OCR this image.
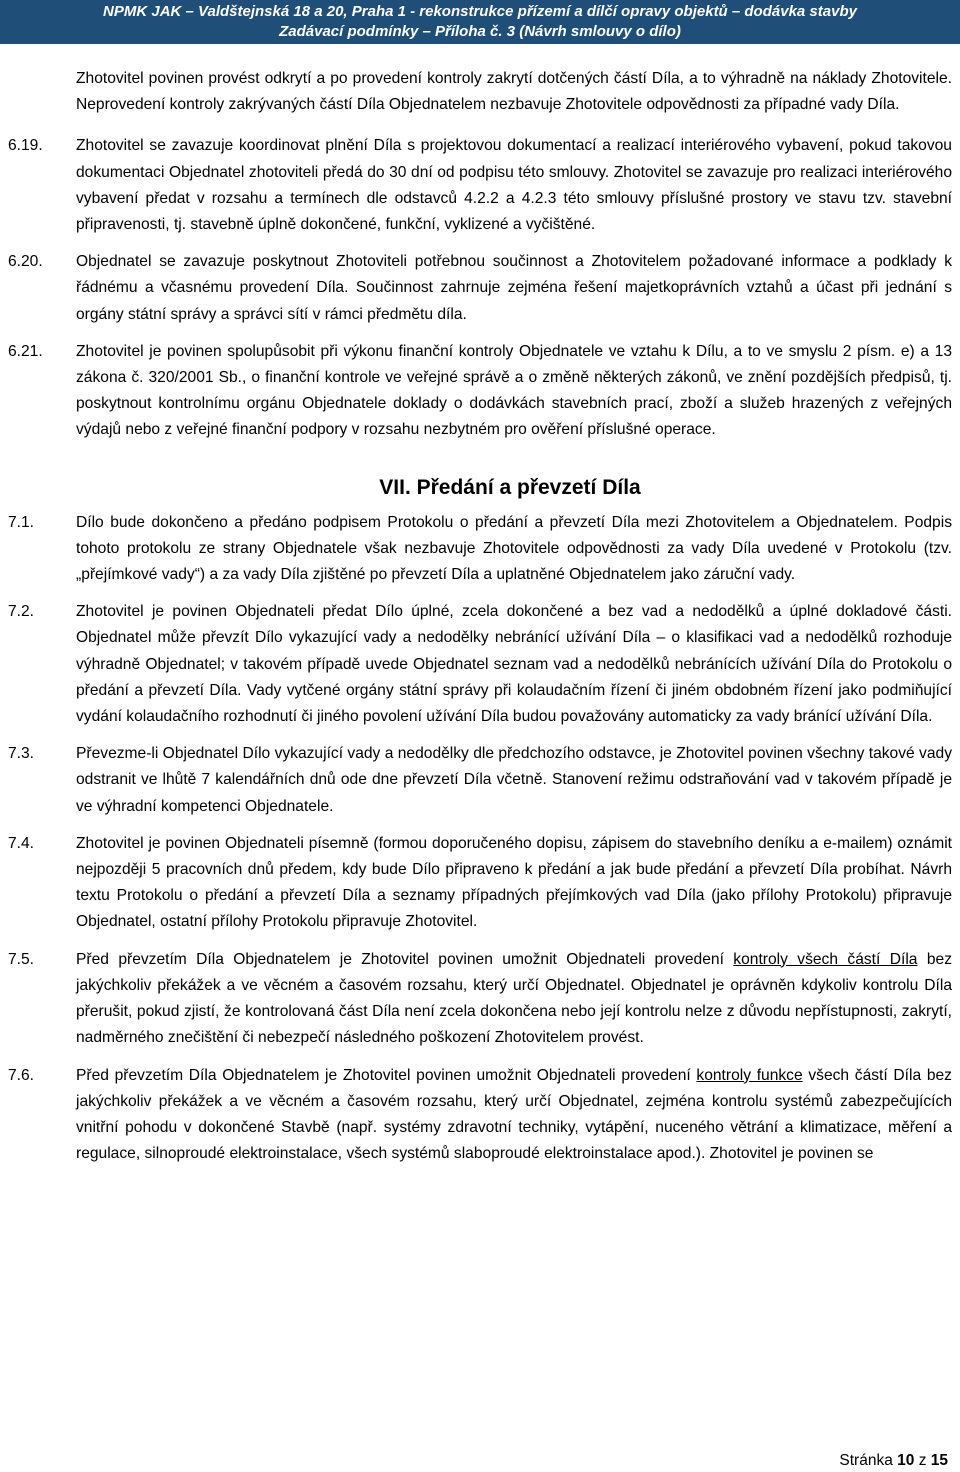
NPMK JAK – Valdštejnská 18 a 20, Praha 1 - rekonstrukce přízemí a dílčí opravy objektů – dodávka stavby
Zadávací podmínky – Příloha č. 3 (Návrh smlouvy o dílo)

Zhotovitel povinen provést odkrytí a po provedení kontroly zakrytí dotčených částí Díla, a to výhradně na náklady Zhotovitele. Neprovedení kontroly zakrývaných částí Díla Objednatelem nezbavuje Zhotovitele odpovědnosti za případné vady Díla.

6.19. Zhotovitel se zavazuje koordinovat plnění Díla s projektovou dokumentací a realizací interiérového vybavení, pokud takovou dokumentaci Objednatel zhotoviteli předá do 30 dní od podpisu této smlouvy. Zhotovitel se zavazuje pro realizaci interiérového vybavení předat v rozsahu a termínech dle odstavců 4.2.2 a 4.2.3 této smlouvy příslušné prostory ve stavu tzv. stavební připravenosti, tj. stavebně úplně dokončené, funkční, vyklizené a vyčištěné.
6.20. Objednatel se zavazuje poskytnout Zhotoviteli potřebnou součinnost a Zhotovitelem požadované informace a podklady k řádnému a včasnému provedení Díla. Součinnost zahrnuje zejména řešení majetkoprávních vztahů a účast při jednání s orgány státní správy a správci sítí v rámci předmětu díla.
6.21. Zhotovitel je povinen spolupůsobit při výkonu finanční kontroly Objednatele ve vztahu k Dílu, a to ve smyslu 2 písm. e) a 13 zákona č. 320/2001 Sb., o finanční kontrole ve veřejné správě a o změně některých zákonů, ve znění pozdějších předpisů, tj. poskytnout kontrolnímu orgánu Objednatele doklady o dodávkách stavebních prací, zboží a služeb hrazených z veřejných výdajů nebo z veřejné finanční podpory v rozsahu nezbytném pro ověření příslušné operace.
VII. Předání a převzetí Díla
7.1.	Dílo bude dokončeno a předáno podpisem Protokolu o předání a převzetí Díla mezi Zhotovitelem a Objednatelem. Podpis tohoto protokolu ze strany Objednatele však nezbavuje Zhotovitele odpovědnosti za vady Díla uvedené v Protokolu (tzv. „přejímkové vady“) a za vady Díla zjištěné po převzetí Díla a uplatněné Objednatelem jako záruční vady.
7.2.	Zhotovitel je povinen Objednateli předat Dílo úplné, zcela dokončené a bez vad a nedodělků a úplné dokladové části. Objednatel může převzít Dílo vykazující vady a nedodělky nebránící užívání Díla – o klasifikaci vad a nedodělků rozhoduje výhradně Objednatel; v takovém případě uvede Objednatel seznam vad a nedodělků nebránících užívání Díla do Protokolu o předání a převzetí Díla. Vady vytčené orgány státní správy při kolaudačním řízení či jiném obdobném řízení jako podmiňující vydání kolaudačního rozhodnutí či jiného povolení užívání Díla budou považovány automaticky za vady bránící užívání Díla.
7.3.	Převezme-li Objednatel Dílo vykazující vady a nedodělky dle předchozího odstavce, je Zhotovitel povinen všechny takové vady odstranit ve lhůtě 7 kalendářních dnů ode dne převzetí Díla včetně. Stanovení režimu odstraňování vad v takovém případě je ve výhradní kompetenci Objednatele.
7.4.	Zhotovitel je povinen Objednateli písemně (formou doporučeného dopisu, zápisem do stavebního deníku a e-mailem) oznámit nejpozději 5 pracovních dnů předem, kdy bude Dílo připraveno k předání a jak bude předání a převzetí Díla probíhat. Návrh textu Protokolu o předání a převzetí Díla a seznamy případných přejímkových vad Díla (jako přílohy Protokolu) připravuje Objednatel, ostatní přílohy Protokolu připravuje Zhotovitel.
7.5.	Před převzetím Díla Objednatelem je Zhotovitel povinen umožnit Objednateli provedení kontroly všech částí Díla bez jakýchkoliv překážek a ve věcném a časovém rozsahu, který určí Objednatel. Objednatel je oprávněn kdykoliv kontrolu Díla přerušit, pokud zjistí, že kontrolovaná část Díla není zcela dokončena nebo její kontrolu nelze z důvodu nepřístupnosti, zakrytí, nadměrného znečištění či nebezpečí následného poškození Zhotovitelem provést.
7.6.	Před převzetím Díla Objednatelem je Zhotovitel povinen umožnit Objednateli provedení kontroly funkce všech částí Díla bez jakýchkoliv překážek a ve věcném a časovém rozsahu, který určí Objednatel, zejména kontrolu systémů zabezpečujících vnitřní pohodu v dokončené Stavbě (např. systémy zdravotní techniky, vytápění, nuceného větrání a klimatizace, měření a regulace, silnoproudé elektroinstalace, všech systémů slaboproudé elektroinstalace apod.). Zhotovitel je povinen se
Stránka 10 z 15
